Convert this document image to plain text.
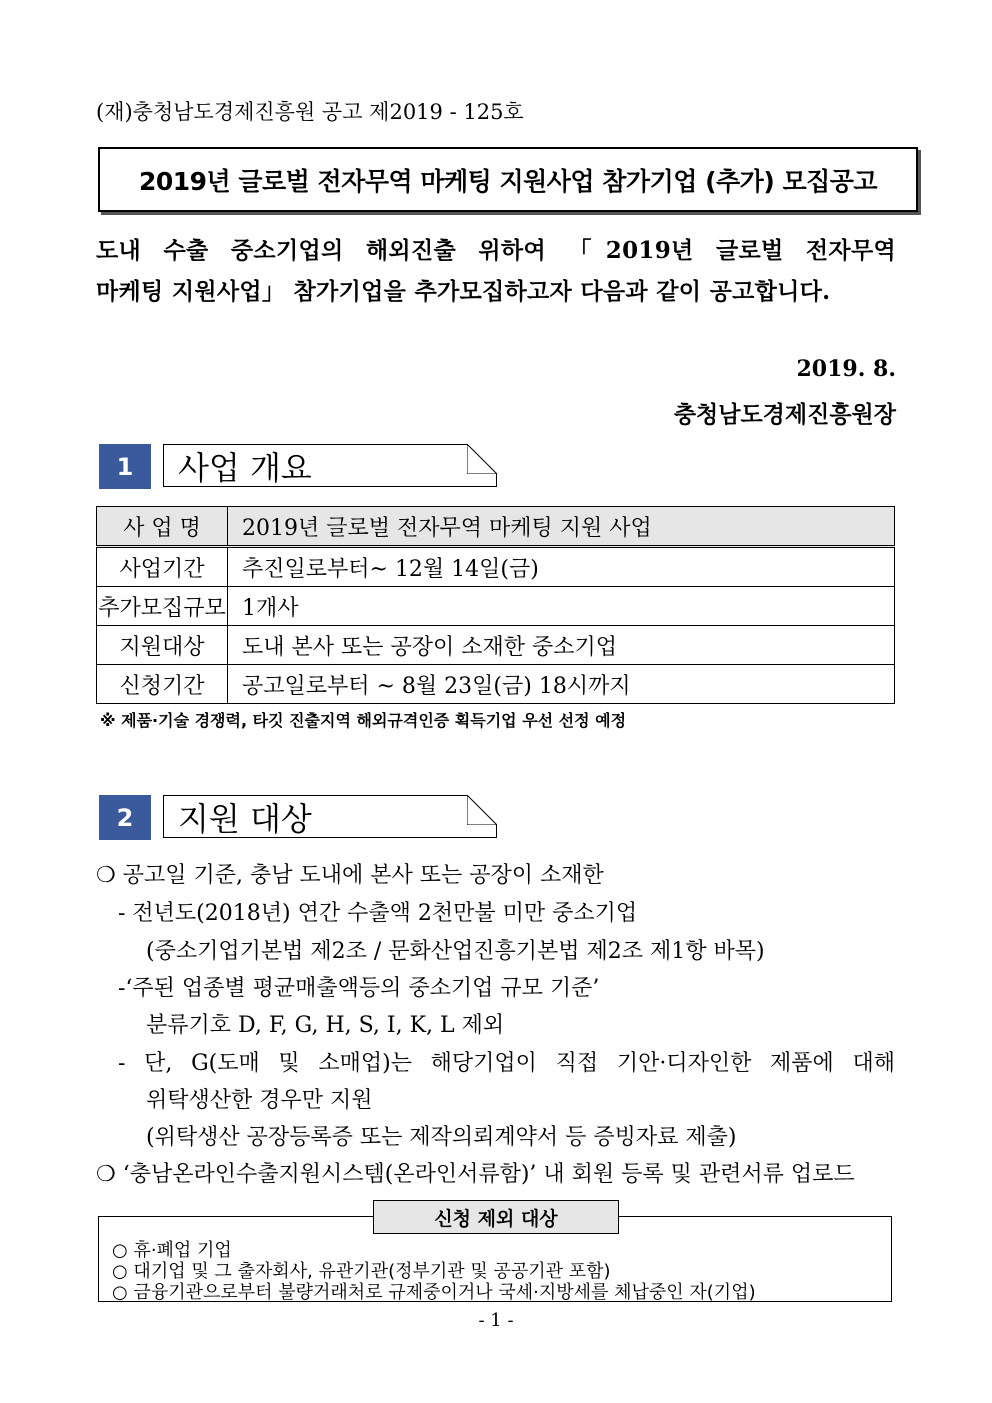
(재)충청남도경제진흥원 공고 제2019 - 125호
2019년 글로벌 전자무역 마케팅 지원사업 참가기업 (추가) 모집공고
도내 수출 중소기업의 해외진출 위하여 「2019년 글로벌 전자무역
마케팅 지원사업」 참가기업을 추가모집하고자 다음과 같이 공고합니다.
2019. 8.
충청남도경제진흥원장
1	사업 개요
사 업 명	2019년 글로벌 전자무역 마케팅 지원 사업
사업기간	추진일로부터~ 12월 14일(금)
추가모집규모	1개사
지원대상	도내 본사 또는 공장이 소재한 중소기업
신청기간	공고일로부터 ~ 8월 23일(금) 18시까지
※ 제품·기술 경쟁력, 타깃 진출지역 해외규격인증 획득기업 우선 선정 예정
2	지원 대상
❍ 공고일 기준, 충남 도내에 본사 또는 공장이 소재한
- 전년도(2018년) 연간 수출액 2천만불 미만 중소기업
(중소기업기본법 제2조 / 문화산업진흥기본법 제2조 제1항 바목)
-‘주된 업종별 평균매출액등의 중소기업 규모 기준’
분류기호 D, F, G, H, S, I, K, L 제외
- 단, G(도매 및 소매업)는 해당기업이 직접 기안·디자인한 제품에 대해
위탁생산한 경우만 지원
(위탁생산 공장등록증 또는 제작의뢰계약서 등 증빙자료 제출)
❍ ‘충남온라인수출지원시스템(온라인서류함)’ 내 회원 등록 및 관련서류 업로드
신청 제외 대상
○ 휴·폐업 기업
○ 대기업 및 그 출자회사, 유관기관(정부기관 및 공공기관 포함)
○ 금융기관으로부터 불량거래처로 규제중이거나 국세·지방세를 체납중인 자(기업)
- 1 -
